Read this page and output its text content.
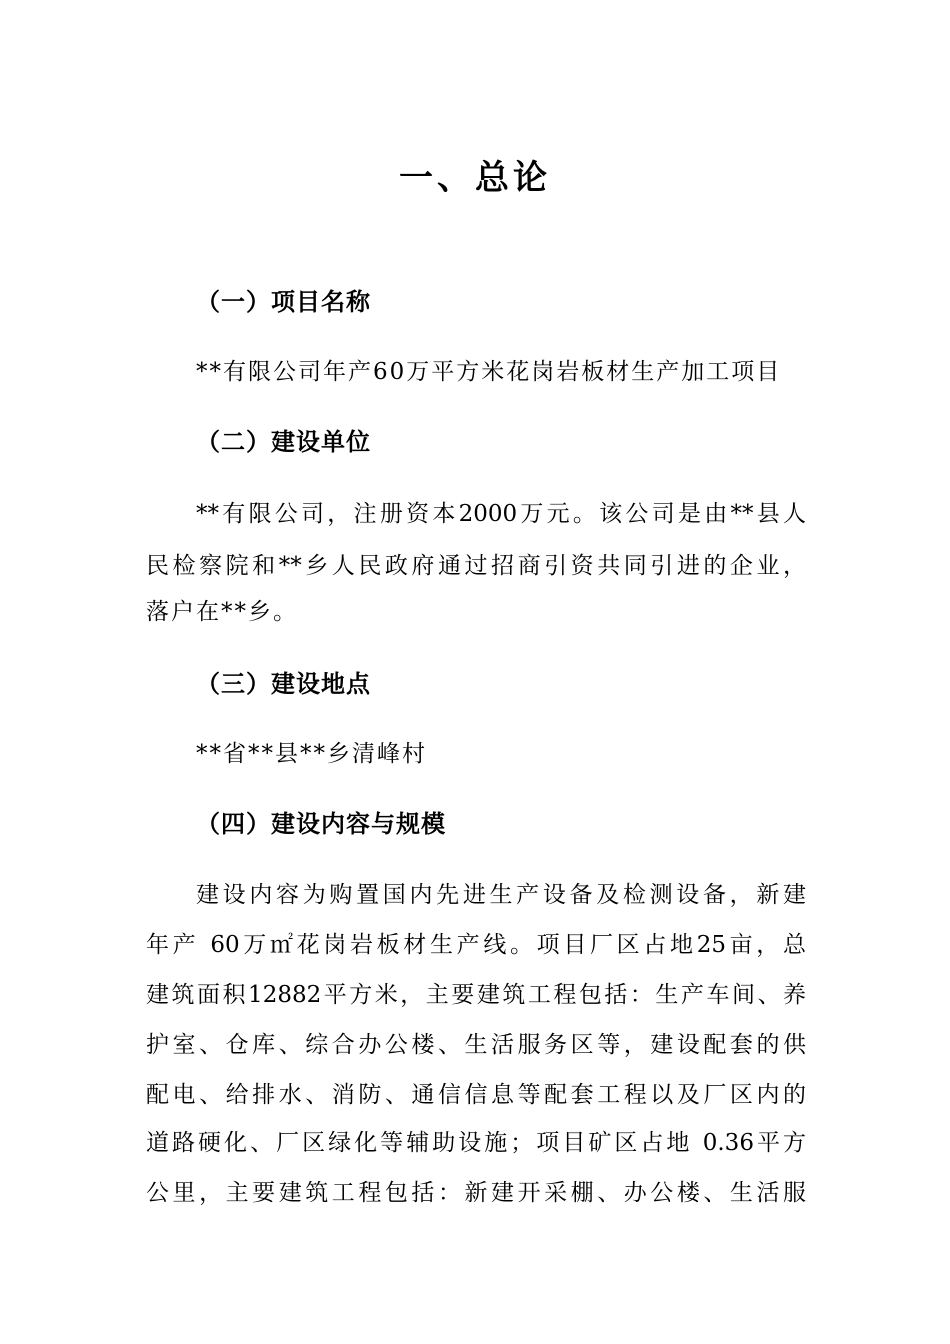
一、总论
（一）项目名称
**有限公司年产60万平方米花岗岩板材生产加工项目
（二）建设单位
**有限公司，注册资本2000万元。该公司是由**县人
民检察院和**乡人民政府通过招商引资共同引进的企业，
落户在**乡。
（三）建设地点
**省**县**乡清峰村
（四）建设内容与规模
建设内容为购置国内先进生产设备及检测设备，新建
年产 60万㎡花岗岩板材生产线。项目厂区占地25亩，总
建筑面积12882平方米，主要建筑工程包括：生产车间、养
护室、仓库、综合办公楼、生活服务区等，建设配套的供
配电、给排水、消防、通信信息等配套工程以及厂区内的
道路硬化、厂区绿化等辅助设施；项目矿区占地 0.36平方
公里，主要建筑工程包括：新建开采棚、办公楼、生活服
